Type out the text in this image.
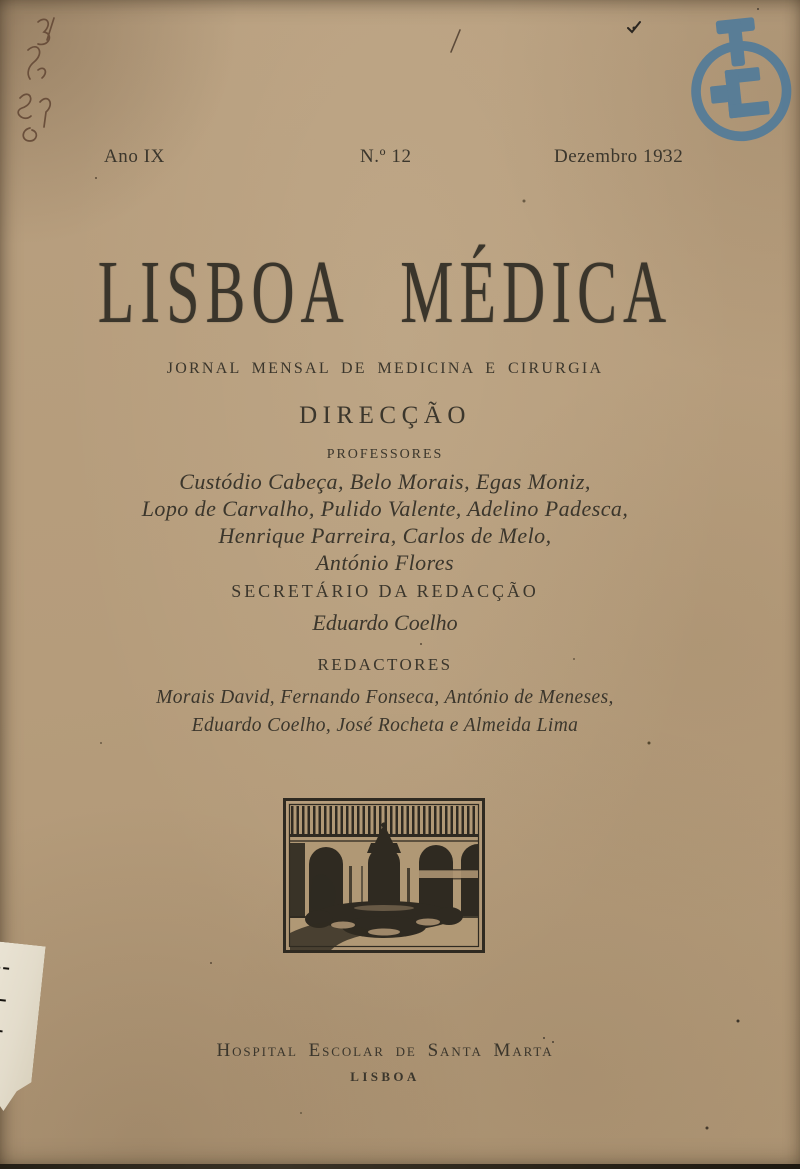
Ano IX	N.º 12	Dezembro 1932
LISBOA MÉDICA
JORNAL MENSAL DE MEDICINA E CIRURGIA
DIRECÇÃO
PROFESSORES
Custódio Cabeça, Belo Morais, Egas Moniz,
Lopo de Carvalho, Pulido Valente, Adelino Padesca,
Henrique Parreira, Carlos de Melo,
António Flores
SECRETÁRIO DA REDACÇÃO
Eduardo Coelho
REDACTORES
Morais David, Fernando Fonseca, António de Meneses,
Eduardo Coelho, José Rocheta e Almeida Lima
Hospital Escolar de Santa Marta
LISBOA
